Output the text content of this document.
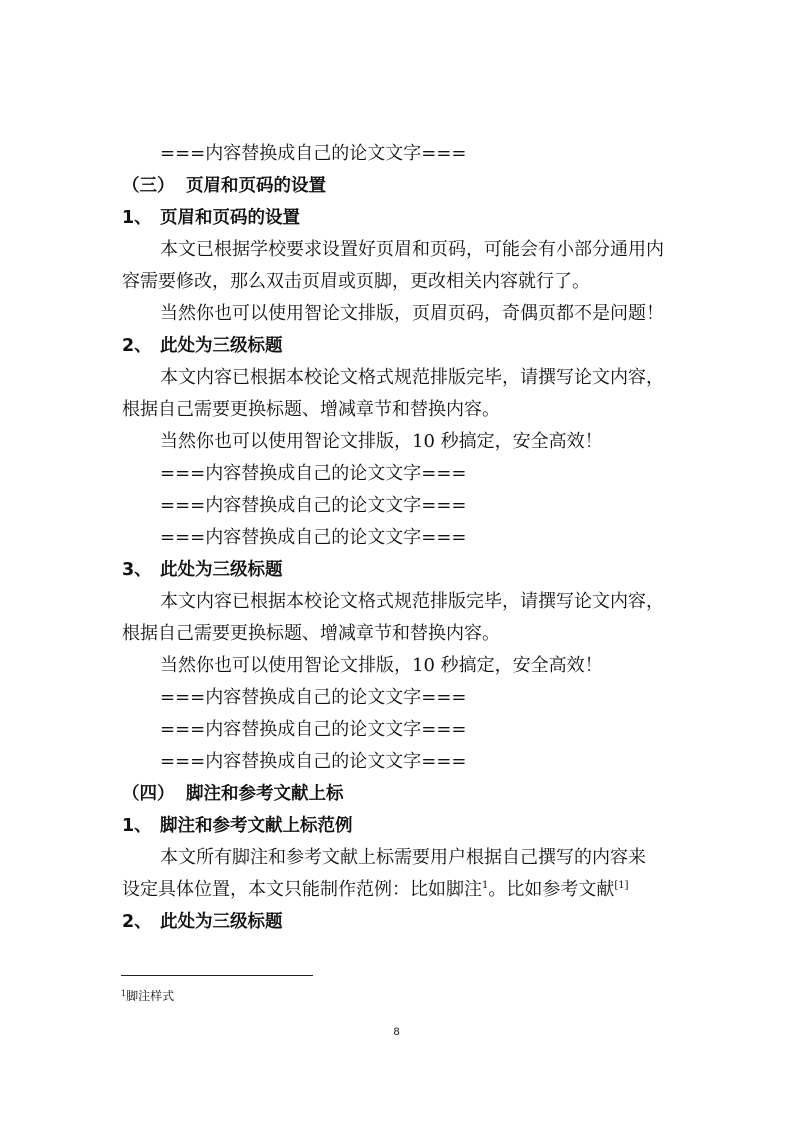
===内容替换成自己的论文文字===
（三） 页眉和页码的设置
1、 页眉和页码的设置
本文已根据学校要求设置好页眉和页码，可能会有小部分通用内
容需要修改，那么双击页眉或页脚，更改相关内容就行了。
当然你也可以使用智论文排版，页眉页码，奇偶页都不是问题！
2、 此处为三级标题
本文内容已根据本校论文格式规范排版完毕，请撰写论文内容，
根据自己需要更换标题、增减章节和替换内容。
当然你也可以使用智论文排版，10 秒搞定，安全高效！
===内容替换成自己的论文文字===
===内容替换成自己的论文文字===
===内容替换成自己的论文文字===
3、 此处为三级标题
本文内容已根据本校论文格式规范排版完毕，请撰写论文内容，
根据自己需要更换标题、增减章节和替换内容。
当然你也可以使用智论文排版，10 秒搞定，安全高效！
===内容替换成自己的论文文字===
===内容替换成自己的论文文字===
===内容替换成自己的论文文字===
（四） 脚注和参考文献上标
1、 脚注和参考文献上标范例
本文所有脚注和参考文献上标需要用户根据自己撰写的内容来
设定具体位置，本文只能制作范例：比如脚注$^1$。比如参考文献[1]
2、 此处为三级标题
$^1$脚注样式
8
